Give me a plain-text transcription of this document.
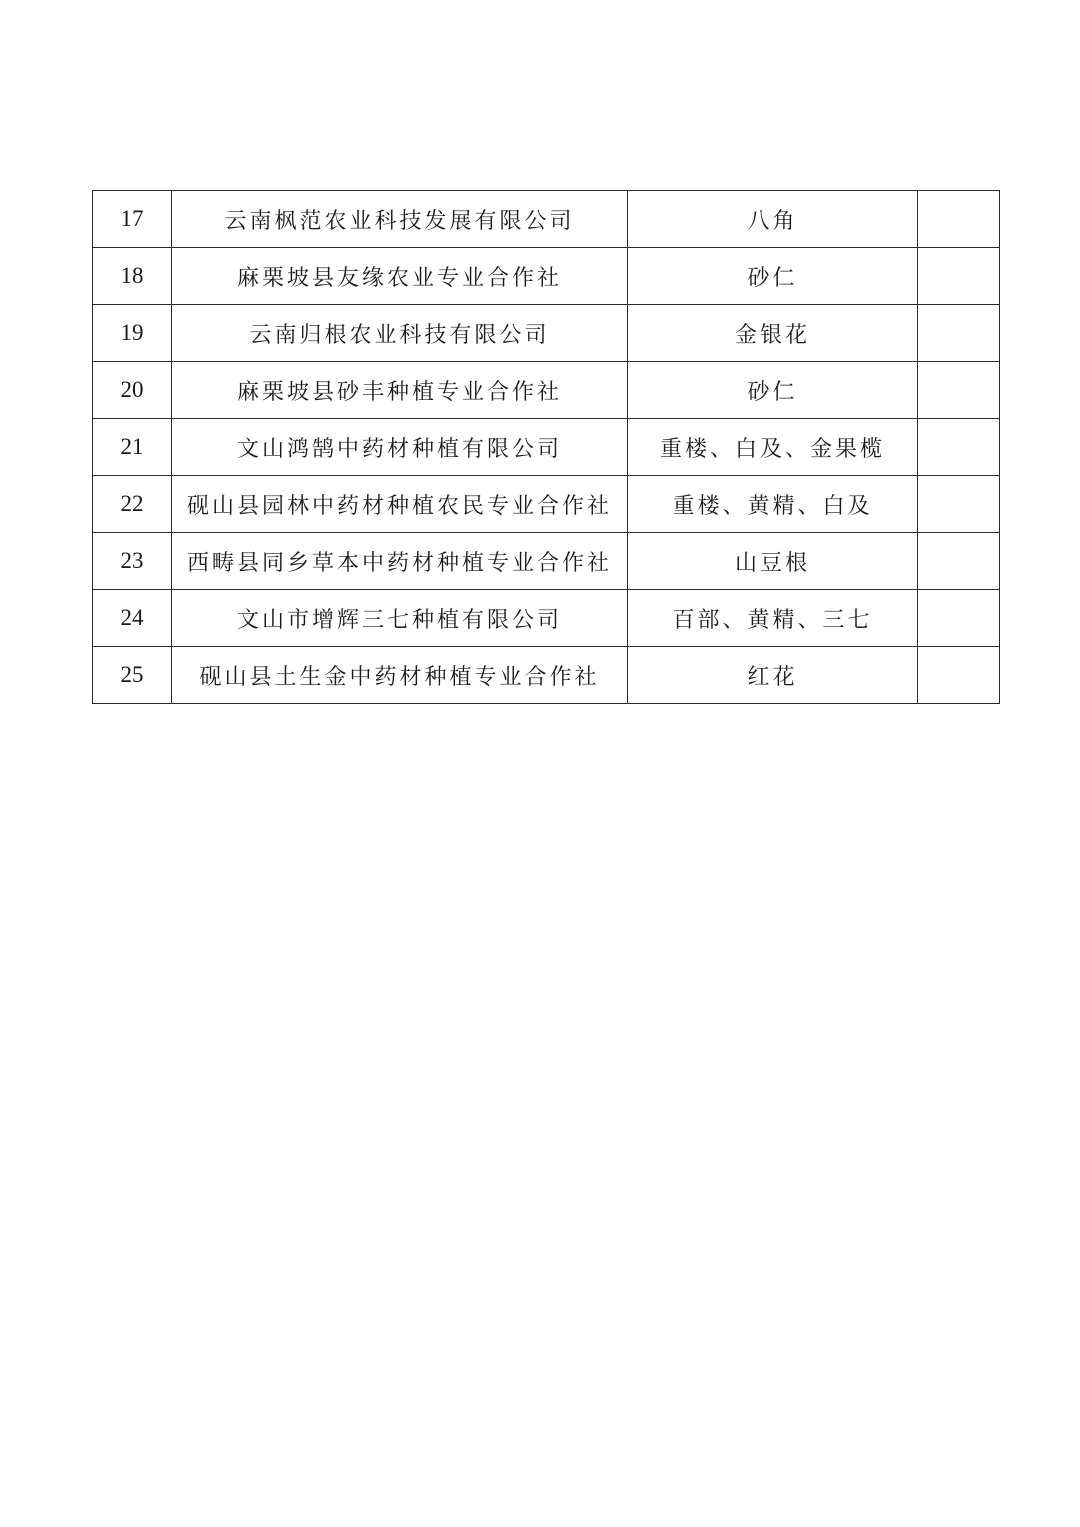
17	云南枫范农业科技发展有限公司	八角	
18	麻栗坡县友缘农业专业合作社	砂仁	
19	云南归根农业科技有限公司	金银花	
20	麻栗坡县砂丰种植专业合作社	砂仁	
21	文山鸿鹄中药材种植有限公司	重楼、白及、金果榄	
22	砚山县园林中药材种植农民专业合作社	重楼、黄精、白及	
23	西畴县同乡草本中药材种植专业合作社	山豆根	
24	文山市增辉三七种植有限公司	百部、黄精、三七	
25	砚山县土生金中药材种植专业合作社	红花	
